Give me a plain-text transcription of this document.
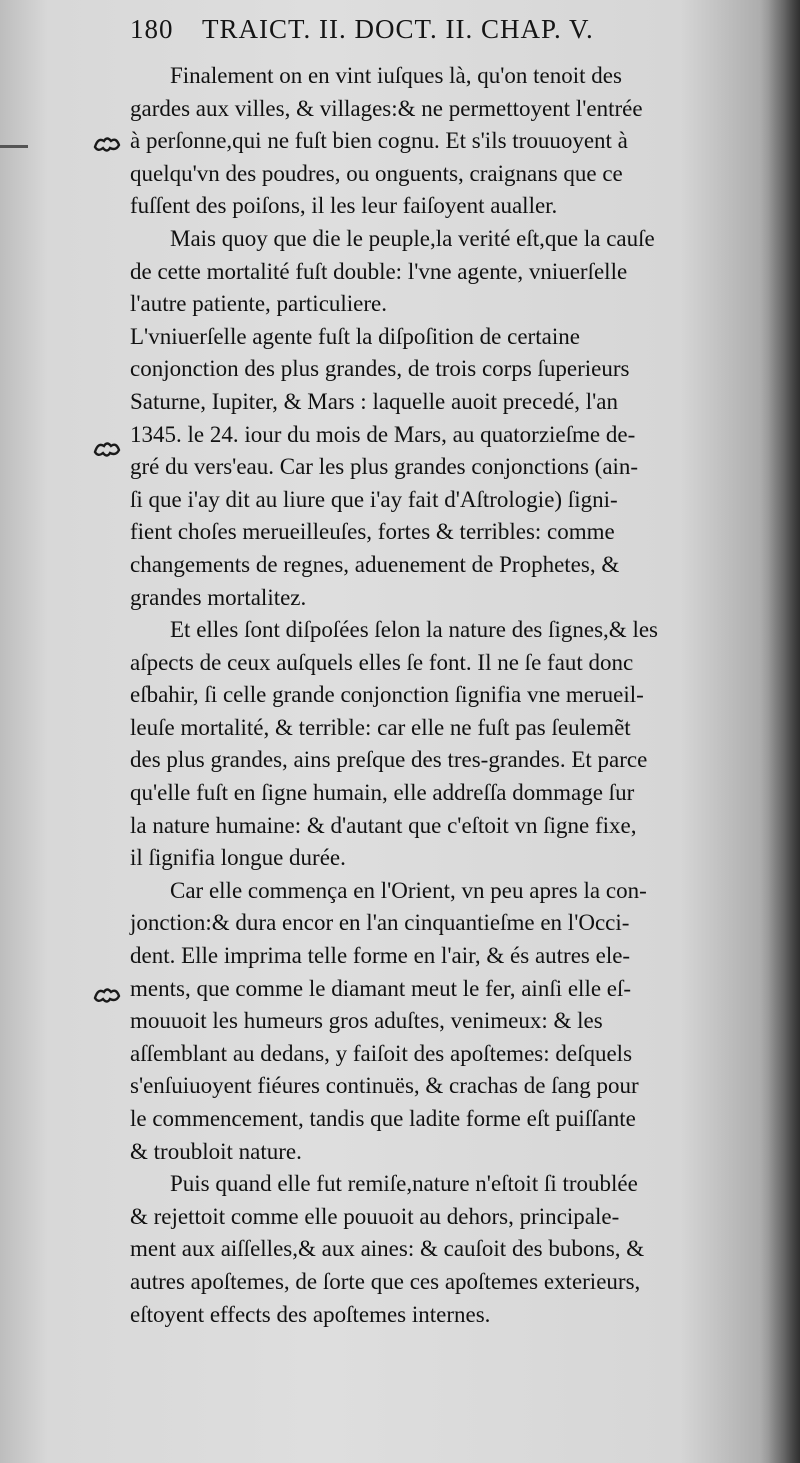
180 TRAICT. II. DOCT. II. CHAP. V.
Finalement on en vint iuſques là, qu'on tenoit des
gardes aux villes, & villages:& ne permettoyent l'entrée
à perſonne,qui ne fuſt bien cognu. Et s'ils trouuoyent à
quelqu'vn des poudres, ou onguents, craignans que ce
fuſſent des poiſons, il les leur faiſoyent aualler.
Mais quoy que die le peuple,la verité eſt,que la cauſe
de cette mortalité fuſt double: l'vne agente, vniuerſelle
l'autre patiente, particuliere.
L'vniuerſelle agente fuſt la diſpoſition de certaine
conjonction des plus grandes, de trois corps ſuperieurs
Saturne, Iupiter, & Mars : laquelle auoit precedé, l'an
1345. le 24. iour du mois de Mars, au quatorzieſme de-
gré du vers'eau. Car les plus grandes conjonctions (ain-
ſi que i'ay dit au liure que i'ay fait d'Aſtrologie) ſigni-
fient choſes merueilleuſes, fortes & terribles: comme
changements de regnes, aduenement de Prophetes, &
grandes mortalitez.
Et elles ſont diſpoſées ſelon la nature des ſignes,& les
aſpects de ceux auſquels elles ſe font. Il ne ſe faut donc
eſbahir, ſi celle grande conjonction ſignifia vne merueil-
leuſe mortalité, & terrible: car elle ne fuſt pas ſeulemẽt
des plus grandes, ains preſque des tres-grandes. Et parce
qu'elle fuſt en ſigne humain, elle addreſſa dommage ſur
la nature humaine: & d'autant que c'eſtoit vn ſigne fixe,
il ſignifia longue durée.
Car elle commença en l'Orient, vn peu apres la con-
jonction:& dura encor en l'an cinquantieſme en l'Occi-
dent. Elle imprima telle forme en l'air, & és autres ele-
ments, que comme le diamant meut le fer, ainſi elle eſ-
mouuoit les humeurs gros aduſtes, venimeux: & les
aſſemblant au dedans, y faiſoit des apoſtemes: deſquels
s'enſuiuoyent fiéures continuës, & crachas de ſang pour
le commencement, tandis que ladite forme eſt puiſſante
& troubloit nature.
Puis quand elle fut remiſe,nature n'eſtoit ſi troublée
& rejettoit comme elle pouuoit au dehors, principale-
ment aux aiſſelles,& aux aines: & cauſoit des bubons, &
autres apoſtemes, de ſorte que ces apoſtemes exterieurs,
eſtoyent effects des apoſtemes internes.
